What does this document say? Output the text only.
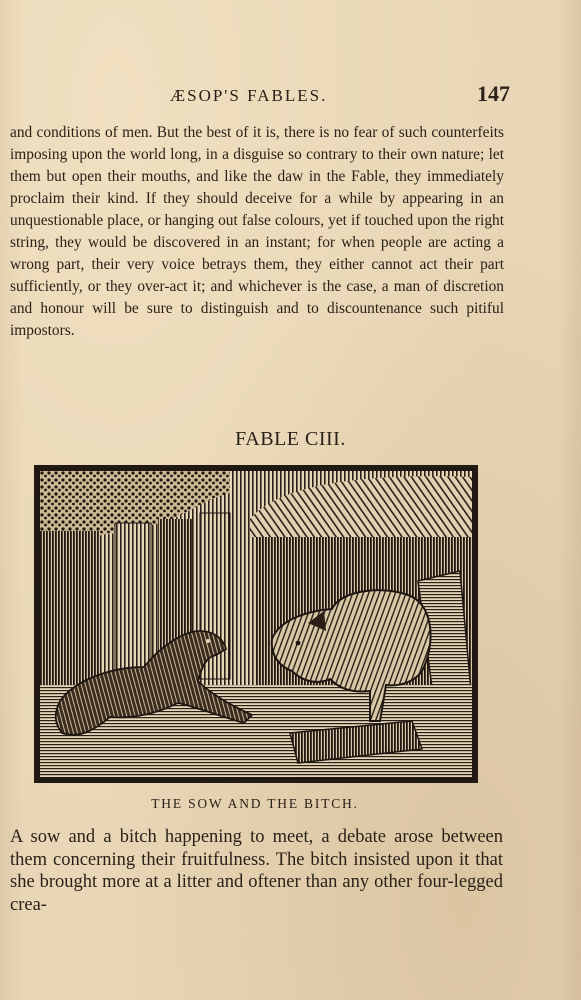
ÆSOP'S FABLES.	147

and conditions of men. But the best of it is, there is no fear of such counterfeits imposing upon the world long, in a disguise so contrary to their own nature; let them but open their mouths, and like the daw in the Fable, they immediately proclaim their kind. If they should deceive for a while by appearing in an unquestionable place, or hanging out false colours, yet if touched upon the right string, they would be discovered in an instant; for when people are acting a wrong part, their very voice betrays them, they either cannot act their part sufficiently, or they over-act it; and whichever is the case, a man of discretion and honour will be sure to distinguish and to discountenance such pitiful impostors.

FABLE CIII.
THE SOW AND THE BITCH.

A sow and a bitch happening to meet, a debate arose between them concerning their fruitfulness. The bitch insisted upon it that she brought more at a litter and oftener than any other four-legged crea-
